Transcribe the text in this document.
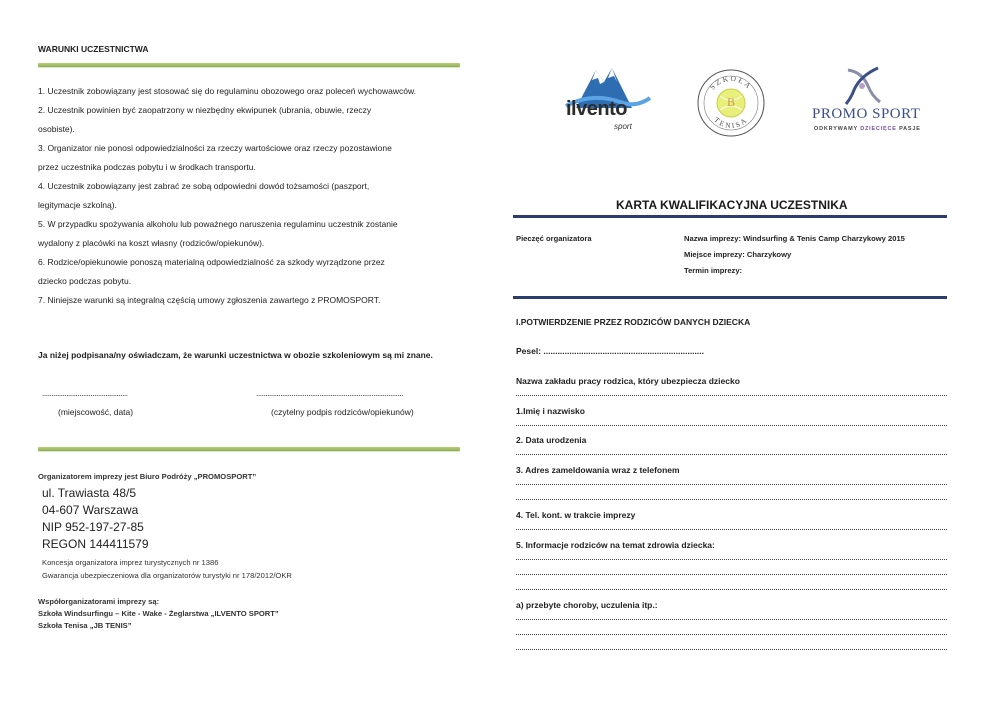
WARUNKI UCZESTNICTWA
1. Uczestnik zobowiązany jest stosować się do regulaminu obozowego oraz poleceń wychowawców.
2. Uczestnik powinien być zaopatrzony w niezbędny ekwipunek (ubrania, obuwie, rzeczy
osobiste).
3. Organizator nie ponosi odpowiedzialności za rzeczy wartościowe oraz rzeczy pozostawione
przez uczestnika podczas pobytu i w środkach transportu.
4. Uczestnik zobowiązany jest zabrać ze sobą odpowiedni dowód tożsamości (paszport,
legitymacje szkolną).
5. W przypadku spożywania alkoholu lub poważnego naruszenia regulaminu uczestnik zostanie
wydalony z placówki na koszt własny (rodziców/opiekunów).
6. Rodzice/opiekunowie ponoszą materialną odpowiedzialność za szkody wyrządzone przez
dziecko podczas pobytu.
7. Niniejsze warunki są integralną częścią umowy zgłoszenia zawartego z PROMOSPORT.
Ja niżej podpisana/ny oświadczam, że warunki uczestnictwa w obozie szkoleniowym są mi znane.
..............................................	...............................................................................
(miejscowość, data)	(czytelny podpis rodziców/opiekunów)
Organizatorem imprezy jest Biuro Podróży „PROMOSPORT”
ul. Trawiasta 48/5
04-607 Warszawa
NIP 952-197-27-85
REGON 144411579
Koncesja organizatora imprez turystycznych nr 1386
Gwarancja ubezpieczeniowa dla organizatorów turystyki nr 178/2012/OKR
Współorganizatorami imprezy są:
Szkoła Windsurfingu – Kite - Wake - Żeglarstwa „ILVENTO SPORT”
Szkoła Tenisa „JB TENIS”
ilvento
sport
SZKOŁA
TENISA
B
PROMO SPORT
ODKRYWAMY DZIECIĘCE PASJE
KARTA KWALIFIKACYJNA UCZESTNIKA
Pieczęć organizatora	Nazwa imprezy: Windsurfing & Tenis Camp Charzykowy 2015
Miejsce imprezy: Charzykowy
Termin imprezy:
I.POTWIERDZENIE PRZEZ RODZICÓW DANYCH DZIECKA
Pesel: ....................................................................
Nazwa zakładu pracy rodzica, który ubezpiecza dziecko
1.Imię i nazwisko
2. Data urodzenia
3. Adres zameldowania wraz z telefonem
4. Tel. kont. w trakcie imprezy
5. Informacje rodziców na temat zdrowia dziecka:
a) przebyte choroby, uczulenia itp.:
